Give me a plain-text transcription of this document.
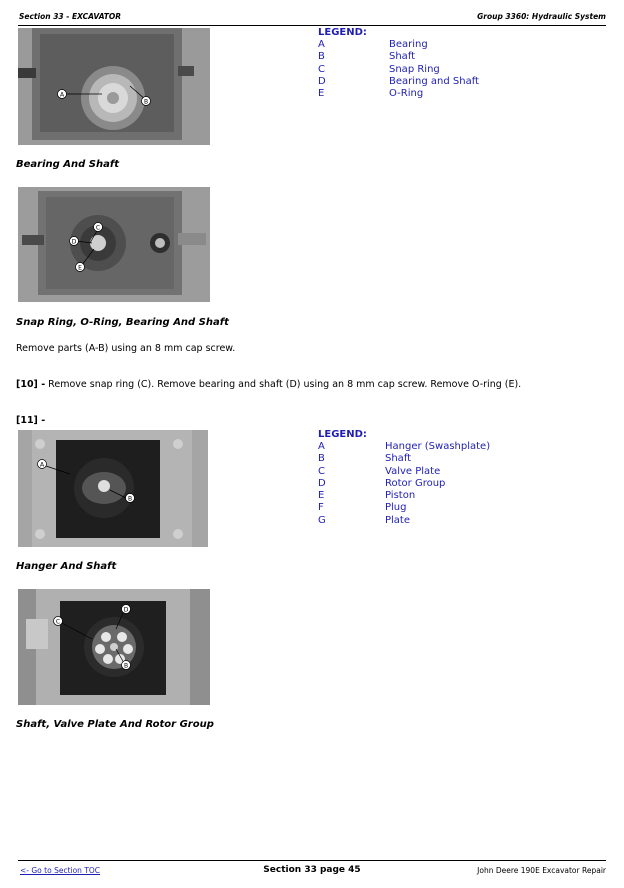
Section 33 - EXCAVATOR	Group 3360: Hydraulic System
A
B
LEGEND:
A	Bearing
B	Shaft
C	Snap Ring
D	Bearing and Shaft
E	O-Ring
Bearing And Shaft
C
D
E
Snap Ring, O-Ring, Bearing And Shaft
Remove parts (A-B) using an 8 mm cap screw.
[10] - Remove snap ring (C). Remove bearing and shaft (D) using an 8 mm cap screw. Remove O-ring (E).
[11] -
A
B
LEGEND:
A	Hanger (Swashplate)
B	Shaft
C	Valve Plate
D	Rotor Group
E	Piston
F	Plug
G	Plate
Hanger And Shaft
D
C
B
Shaft, Valve Plate And Rotor Group
<- Go to Section TOC	Section 33 page 45	John Deere 190E Excavator Repair
